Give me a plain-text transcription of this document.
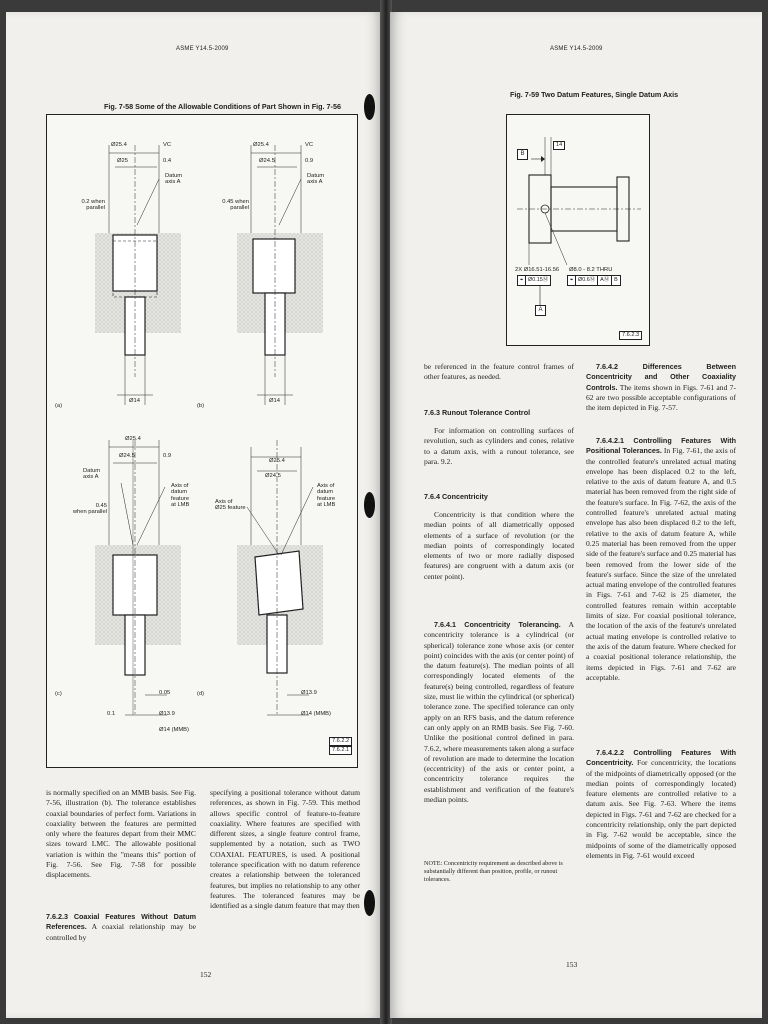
ASME Y14.5-2009
Fig. 7-58 Some of the Allowable Conditions of Part Shown in Fig. 7-56
Ø25.4	VC
Ø25	0.4
Datum
axis A
0.2 when
parallel
Ø14
(a)
Ø25.4	VC
Ø24.5	0.9
Datum
axis A
0.45 when
parallel
Ø14
(b)
Ø25.4
Ø24.5	0.9
Datum
axis A
Axis of
datum
feature
at LMB
0.45
when parallel
0.05
0.1	Ø13.9
Ø14 (MMB)
(c)
Ø25.4
Ø24.5
Axis of
Ø25 feature
Axis of
datum
feature
at LMB
Ø13.9
Ø14 (MMB)
(d)
7.6.2.2
7.6.2.1
is normally specified on an MMB basis. See Fig. 7-56, illustration (b). The tolerance establishes coaxial boundaries of perfect form. Variations in coaxiality between the features are permitted only where the features depart from their MMC sizes toward LMC. The allowable positional variation is within the "means this" portion of Fig. 7-56. See Fig. 7-58 for possible displacements.
7.6.2.3 Coaxial Features Without Datum References. A coaxial relationship may be controlled by
specifying a positional tolerance without datum references, as shown in Fig. 7-59. This method allows specific control of feature-to-feature coaxiality. Where features are specified with different sizes, a single feature control frame, supplemented by a notation, such as TWO COAXIAL FEATURES, is used. A positional tolerance specification with no datum reference creates a relationship between the toleranced features, but implies no relationship to any other features. The toleranced features may be identified as a single datum feature that may then
152
ASME Y14.5-2009
Fig. 7-59 Two Datum Features, Single Datum Axis
B
14
2X Ø16.51-16.56
⌖ Ø0.15Ⓜ
Ø8.0 - 8.2 THRU
⌖ Ø0.6Ⓜ AⓂ B
A
7.6.2.3
be referenced in the feature control frames of other features, as needed.
7.6.3 Runout Tolerance Control
For information on controlling surfaces of revolution, such as cylinders and cones, relative to a datum axis, with a runout tolerance, see para. 9.2.
7.6.4 Concentricity
Concentricity is that condition where the median points of all diametrically opposed elements of a surface of revolution (or the median points of correspondingly located elements of two or more radially disposed features) are congruent with a datum axis (or center point).
7.6.4.1 Concentricity Tolerancing. A concentricity tolerance is a cylindrical (or spherical) tolerance zone whose axis (or center point) coincides with the axis (or center point) of the datum feature(s). The median points of all correspondingly located elements of the feature(s) being controlled, regardless of feature size, must lie within the cylindrical (or spherical) tolerance zone. The specified tolerance can only apply on an RFS basis, and the datum reference can only apply on an RMB basis. See Fig. 7-60. Unlike the positional control defined in para. 7.6.2, where measurements taken along a surface of revolution are made to determine the location (eccentricity) of the axis or center point, a concentricity tolerance requires the establishment and verification of the feature's median points.
NOTE: Concentricity requirement as described above is substantially different than position, profile, or runout tolerances.
7.6.4.2 Differences Between Concentricity and Other Coaxiality Controls. The items shown in Figs. 7-61 and 7-62 are two possible acceptable configurations of the item depicted in Fig. 7-57.
7.6.4.2.1 Controlling Features With Positional Tolerances. In Fig. 7-61, the axis of the controlled feature's unrelated actual mating envelope has been displaced 0.2 to the left, relative to the axis of datum feature A, and 0.5 material has been removed from the right side of the feature's surface. In Fig. 7-62, the axis of the controlled feature's unrelated actual mating envelope has also been displaced 0.2 to the left, relative to the axis of datum feature A, while 0.25 material has been removed from the upper side of the feature's surface and 0.25 material has been removed from the lower side of the feature's surface. Since the size of the unrelated actual mating envelope of the controlled features in Figs. 7-61 and 7-62 is 25 diameter, the controlled features remain within acceptable limits of size. For coaxial positional tolerance, the location of the axis of the feature's unrelated actual mating envelope is controlled relative to the axis of the datum feature. Where checked for a coaxial positional tolerance relationship, the items depicted in Figs. 7-61 and 7-62 are acceptable.
7.6.4.2.2 Controlling Features With Concentricity. For concentricity, the locations of the midpoints of diametrically opposed (or the median points of correspondingly located) feature elements are controlled relative to a datum axis. See Fig. 7-63. Where the items depicted in Figs. 7-61 and 7-62 are checked for a concentricity relationship, only the part depicted in Fig. 7-62 would be acceptable, since the midpoints of some of the diametrically opposed elements in Fig. 7-61 would exceed
153
